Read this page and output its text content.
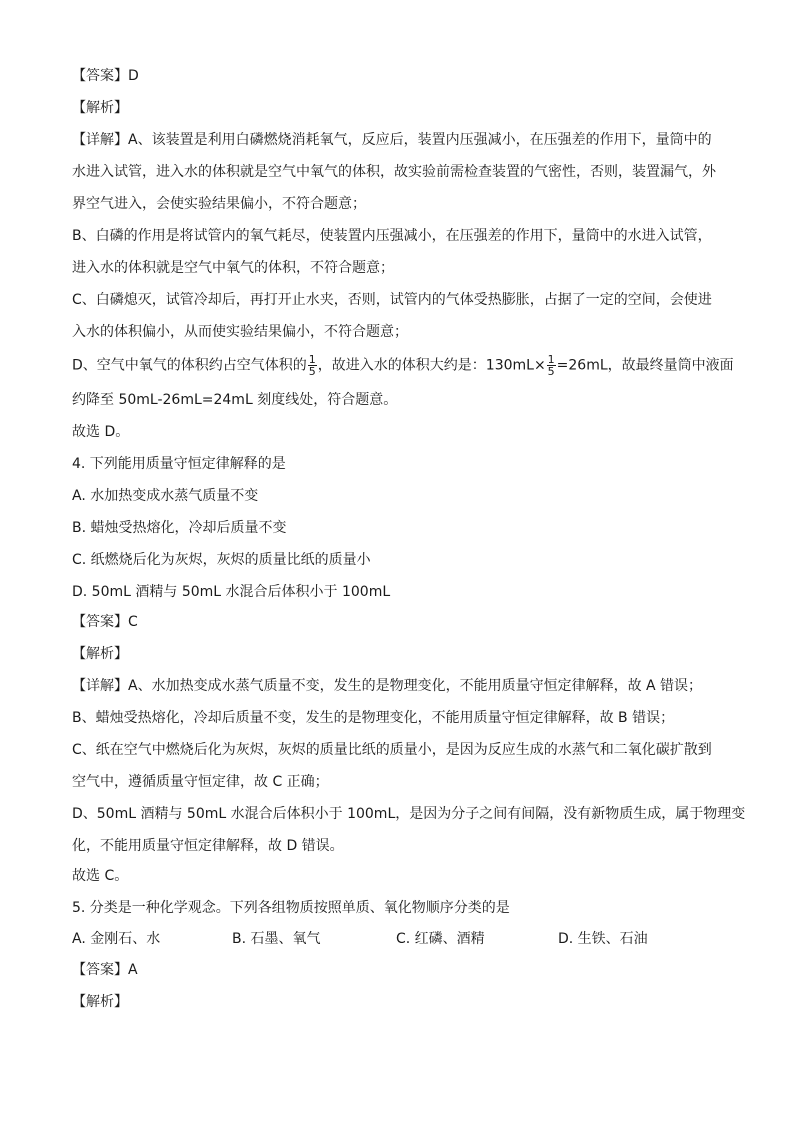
【答案】D
【解析】
【详解】A、该装置是利用白磷燃烧消耗氧气，反应后，装置内压强减小，在压强差的作用下，量筒中的
水进入试管，进入水的体积就是空气中氧气的体积，故实验前需检查装置的气密性，否则，装置漏气，外
界空气进入，会使实验结果偏小，不符合题意；
B、白磷的作用是将试管内的氧气耗尽，使装置内压强减小，在压强差的作用下，量筒中的水进入试管，
进入水的体积就是空气中氧气的体积，不符合题意；
C、白磷熄灭，试管冷却后，再打开止水夹，否则，试管内的气体受热膨胀，占据了一定的空间，会使进
入水的体积偏小，从而使实验结果偏小，不符合题意；
D、空气中氧气的体积约占空气体积的 $\frac{1}{5}$ ，故进入水的体积大约是：$130mL\times \frac{1}{5} =26mL$，故最终量筒中液面
约降至 50mL-26mL=24mL 刻度线处，符合题意。
故选 D。
4. 下列能用质量守恒定律解释的是
A. 水加热变成水蒸气质量不变
B. 蜡烛受热熔化，冷却后质量不变
C. 纸燃烧后化为灰烬，灰烬的质量比纸的质量小
D. 50mL 酒精与 50mL 水混合后体积小于 100mL
【答案】C
【解析】
【详解】A、水加热变成水蒸气质量不变，发生的是物理变化，不能用质量守恒定律解释，故 A 错误；
B、蜡烛受热熔化，冷却后质量不变，发生的是物理变化，不能用质量守恒定律解释，故 B 错误；
C、纸在空气中燃烧后化为灰烬，灰烬的质量比纸的质量小，是因为反应生成的水蒸气和二氧化碳扩散到
空气中，遵循质量守恒定律，故 C 正确；
D、50mL 酒精与 50mL 水混合后体积小于 100mL，是因为分子之间有间隔，没有新物质生成，属于物理变
化，不能用质量守恒定律解释，故 D 错误。
故选 C。
5. 分类是一种化学观念。下列各组物质按照单质、氧化物顺序分类的是
A. 金刚石、水	B. 石墨、氧气	C. 红磷、酒精	D. 生铁、石油
【答案】A
【解析】
